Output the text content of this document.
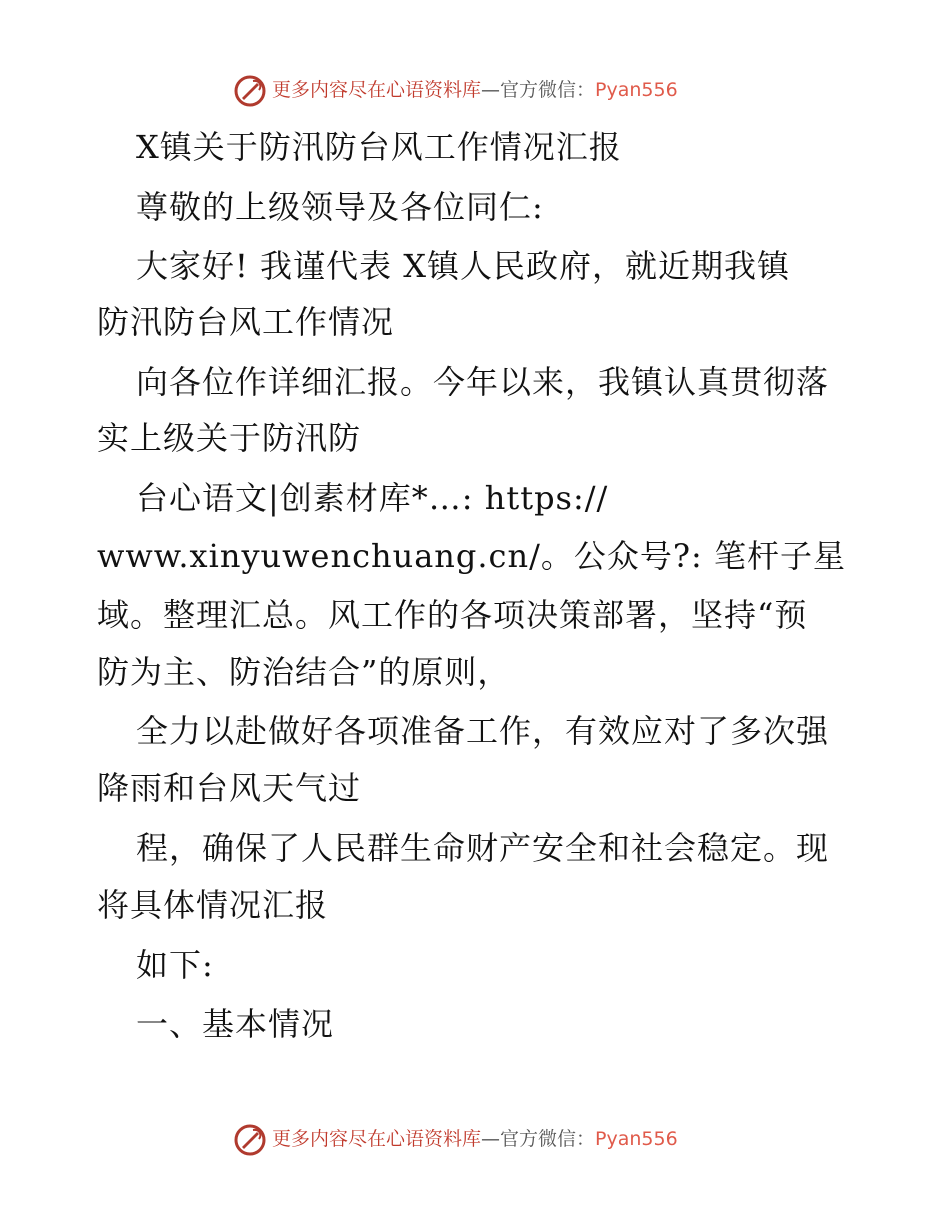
更多内容尽在心语资料库—官方微信：Pyan556
X镇关于防汛防台风工作情况汇报
尊敬的上级领导及各位同仁:
大家好! 我谨代表 X镇人民政府，就近期我镇
防汛防台风工作情况
向各位作详细汇报。今年以来，我镇认真贯彻落
实上级关于防汛防
台心语文|创素材库*…: https://
www.xinyuwenchuang.cn/。公众号?: 笔杆子星
域。整理汇总。风工作的各项决策部署，坚持“预
防为主、防治结合”的原则，
全力以赴做好各项准备工作，有效应对了多次强
降雨和台风天气过
程，确保了人民群生命财产安全和社会稳定。现
将具体情况汇报
如下:
一、基本情况
更多内容尽在心语资料库—官方微信：Pyan556
